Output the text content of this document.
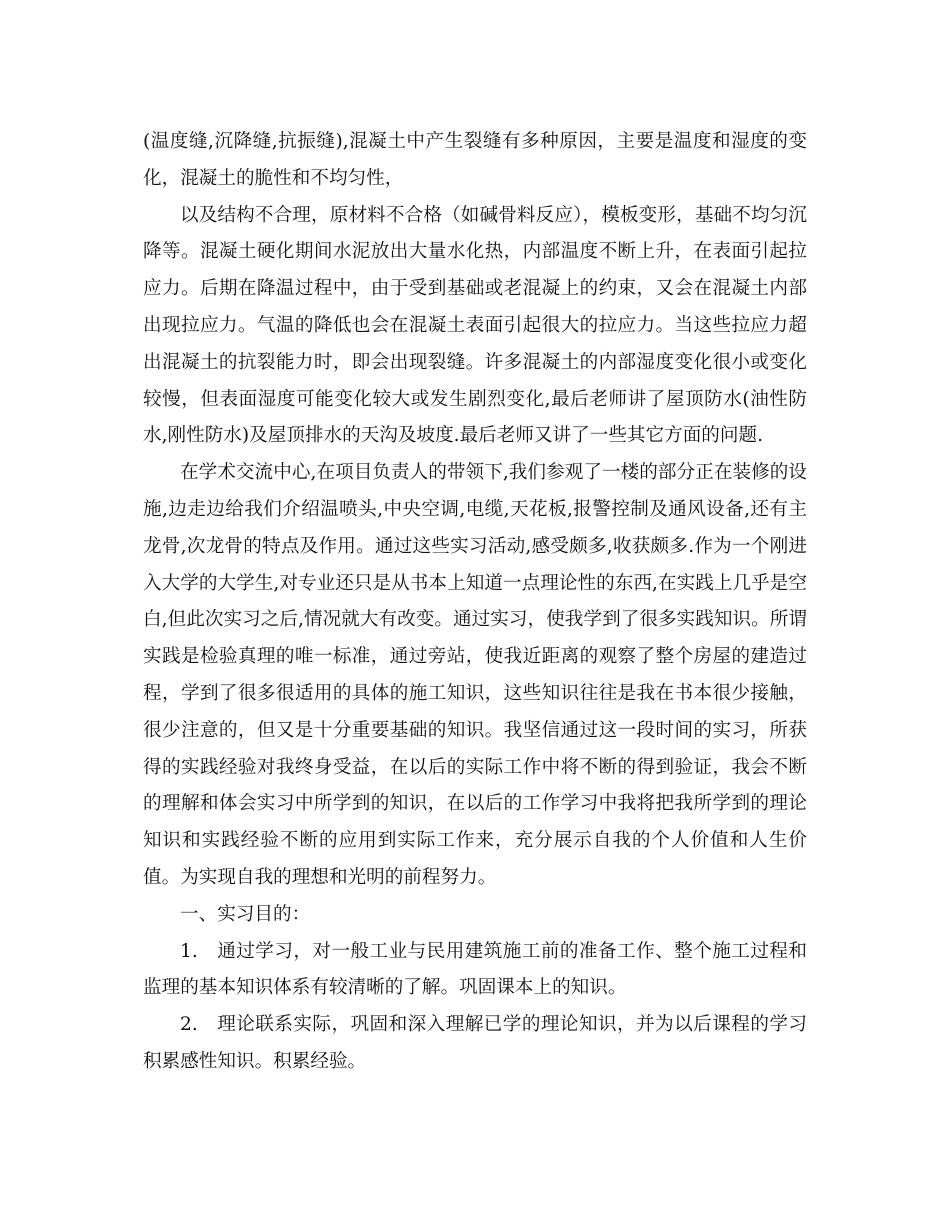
(温度缝,沉降缝,抗振缝),混凝土中产生裂缝有多种原因，主要是温度和湿度的变化，混凝土的脆性和不均匀性，

以及结构不合理，原材料不合格（如碱骨料反应），模板变形，基础不均匀沉降等。混凝土硬化期间水泥放出大量水化热，内部温度不断上升，在表面引起拉应力。后期在降温过程中，由于受到基础或老混凝上的约束，又会在混凝土内部出现拉应力。气温的降低也会在混凝土表面引起很大的拉应力。当这些拉应力超出混凝土的抗裂能力时，即会出现裂缝。许多混凝土的内部湿度变化很小或变化较慢，但表面湿度可能变化较大或发生剧烈变化,最后老师讲了屋顶防水(油性防水,刚性防水)及屋顶排水的天沟及坡度.最后老师又讲了一些其它方面的问题.

在学术交流中心,在项目负责人的带领下,我们参观了一楼的部分正在装修的设施,边走边给我们介绍温喷头,中央空调,电缆,天花板,报警控制及通风设备,还有主龙骨,次龙骨的特点及作用。通过这些实习活动,感受颇多,收获颇多.作为一个刚进入大学的大学生,对专业还只是从书本上知道一点理论性的东西,在实践上几乎是空白,但此次实习之后,情况就大有改变。通过实习，使我学到了很多实践知识。所谓实践是检验真理的唯一标准，通过旁站，使我近距离的观察了整个房屋的建造过程，学到了很多很适用的具体的施工知识，这些知识往往是我在书本很少接触，很少注意的，但又是十分重要基础的知识。我坚信通过这一段时间的实习，所获得的实践经验对我终身受益，在以后的实际工作中将不断的得到验证，我会不断的理解和体会实习中所学到的知识，在以后的工作学习中我将把我所学到的理论知识和实践经验不断的应用到实际工作来，充分展示自我的个人价值和人生价值。为实现自我的理想和光明的前程努力。

一、实习目的：

1.　通过学习，对一般工业与民用建筑施工前的准备工作、整个施工过程和监理的基本知识体系有较清晰的了解。巩固课本上的知识。

2.　理论联系实际，巩固和深入理解已学的理论知识，并为以后课程的学习积累感性知识。积累经验。
